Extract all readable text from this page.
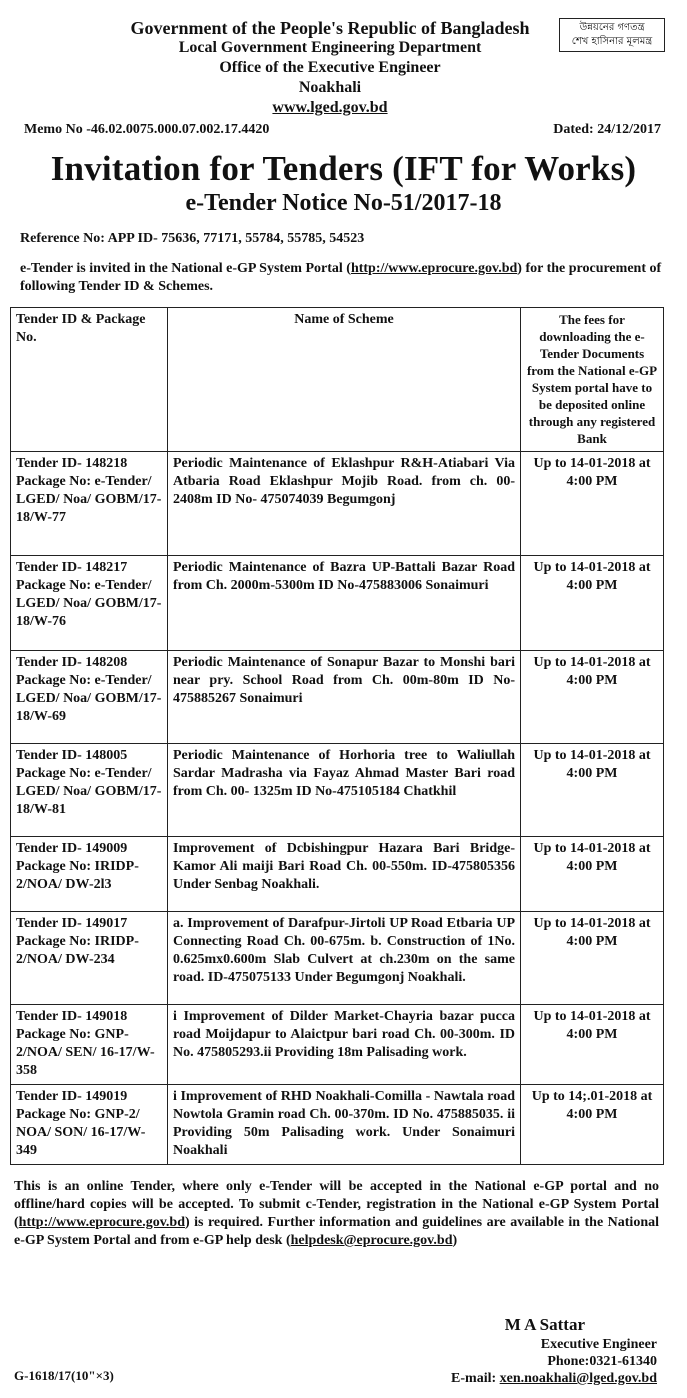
উন্নয়নের গণতন্ত্র
শেখ হাসিনার মূলমন্ত্র
Government of the People's Republic of Bangladesh
Local Government Engineering Department
Office of the Executive Engineer
Noakhali
www.lged.gov.bd
Memo No -46.02.0075.000.07.002.17.4420	Dated: 24/12/2017
Invitation for Tenders (IFT for Works)
e-Tender Notice No-51/2017-18
Reference No: APP ID- 75636, 77171, 55784, 55785, 54523
e-Tender is invited in the National e-GP System Portal (http://www.eprocure.gov.bd) for the procurement of following Tender ID & Schemes.
Tender ID & Package No.	Name of Scheme	The fees for downloading the e-Tender Documents from the National e-GP System portal have to be deposited online through any registered Bank
Tender ID- 148218 Package No: e-Tender/ LGED/ Noa/ GOBM/17-18/W-77	Periodic Maintenance of Eklashpur R&H-Atiabari Via Atbaria Road Eklashpur Mojib Road. from ch. 00-2408m ID No- 475074039 Begumgonj	Up to 14-01-2018 at 4:00 PM
Tender ID- 148217 Package No: e-Tender/ LGED/ Noa/ GOBM/17-18/W-76	Periodic Maintenance of Bazra UP-Battali Bazar Road from Ch. 2000m-5300m ID No-475883006 Sonaimuri	Up to 14-01-2018 at 4:00 PM
Tender ID- 148208 Package No: e-Tender/ LGED/ Noa/ GOBM/17-18/W-69	Periodic Maintenance of Sonapur Bazar to Monshi bari near pry. School Road from Ch. 00m-80m ID No-475885267 Sonaimuri	Up to 14-01-2018 at 4:00 PM
Tender ID- 148005 Package No: e-Tender/ LGED/ Noa/ GOBM/17-18/W-81	Periodic Maintenance of Horhoria tree to Waliullah Sardar Madrasha via Fayaz Ahmad Master Bari road from Ch. 00- 1325m ID No-475105184 Chatkhil	Up to 14-01-2018 at 4:00 PM
Tender ID- 149009 Package No: IRIDP-2/NOA/ DW-2l3	Improvement of Dcbishingpur Hazara Bari Bridge-Kamor Ali maiji Bari Road Ch. 00-550m. ID-475805356 Under Senbag Noakhali.	Up to 14-01-2018 at 4:00 PM
Tender ID- 149017 Package No: IRIDP-2/NOA/ DW-234	a. Improvement of Darafpur-Jirtoli UP Road Etbaria UP Connecting Road Ch. 00-675m. b. Construction of 1No. 0.625mx0.600m Slab Culvert at ch.230m on the same road. ID-475075133 Under Begumgonj Noakhali.	Up to 14-01-2018 at 4:00 PM
Tender ID- 149018 Package No: GNP-2/NOA/ SEN/ 16-17/W-358	i Improvement of Dilder Market-Chayria bazar pucca road Moijdapur to Alaictpur bari road Ch. 00-300m. ID No. 475805293.ii Providing 18m Palisading work.	Up to 14-01-2018 at 4:00 PM
Tender ID- 149019 Package No: GNP-2/ NOA/ SON/ 16-17/W-349	i Improvement of RHD Noakhali-Comilla - Nawtala road Nowtola Gramin road Ch. 00-370m. ID No. 475885035. ii Providing 50m Palisading work. Under Sonaimuri Noakhali	Up to 14;.01-2018 at 4:00 PM
This is an online Tender, where only e-Tender will be accepted in the National e-GP portal and no offline/hard copies will be accepted. To submit c-Tender, registration in the National e-GP System Portal (http://www.eprocure.gov.bd) is required. Further information and guidelines are available in the National e-GP System Portal and from e-GP help desk (helpdesk@eprocure.gov.bd)
M A Sattar
Executive Engineer
Phone:0321-61340
E-mail: xen.noakhali@lged.gov.bd
G-1618/17(10"×3)
